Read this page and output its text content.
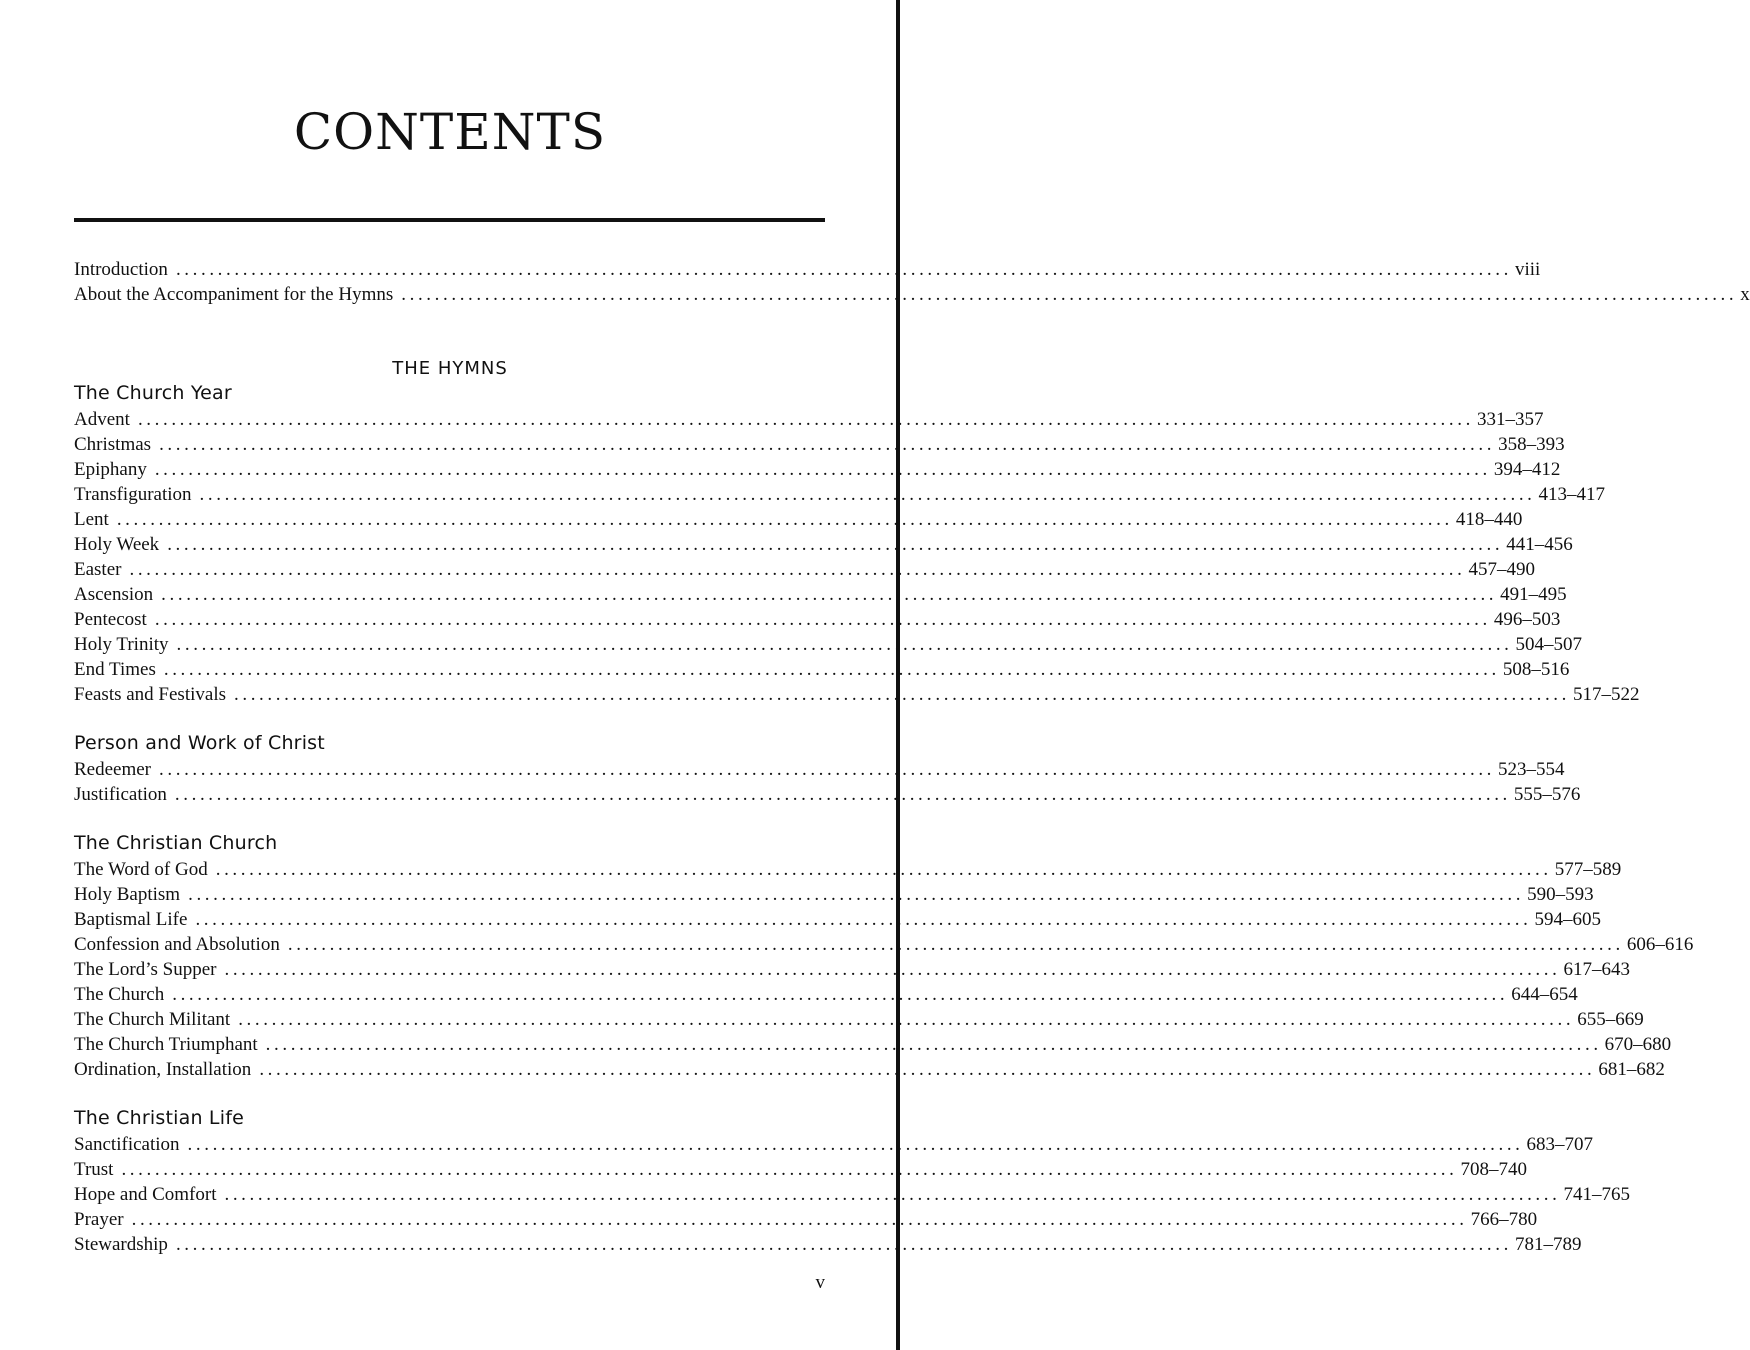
CONTENTS
Introduction ................................................................................................................................................................ viii
About the Accompaniment for the Hymns ................................................................................................................................................................ x
THE HYMNS
The Church Year
Advent ................................................................................................................................................................ 331–357
Christmas ................................................................................................................................................................ 358–393
Epiphany ................................................................................................................................................................ 394–412
Transfiguration ................................................................................................................................................................ 413–417
Lent ................................................................................................................................................................ 418–440
Holy Week ................................................................................................................................................................ 441–456
Easter ................................................................................................................................................................ 457–490
Ascension ................................................................................................................................................................ 491–495
Pentecost ................................................................................................................................................................ 496–503
Holy Trinity ................................................................................................................................................................ 504–507
End Times ................................................................................................................................................................ 508–516
Feasts and Festivals ................................................................................................................................................................ 517–522
Person and Work of Christ
Redeemer ................................................................................................................................................................ 523–554
Justification ................................................................................................................................................................ 555–576
The Christian Church
The Word of God ................................................................................................................................................................ 577–589
Holy Baptism ................................................................................................................................................................ 590–593
Baptismal Life ................................................................................................................................................................ 594–605
Confession and Absolution ................................................................................................................................................................ 606–616
The Lord’s Supper ................................................................................................................................................................ 617–643
The Church ................................................................................................................................................................ 644–654
The Church Militant ................................................................................................................................................................ 655–669
The Church Triumphant ................................................................................................................................................................ 670–680
Ordination, Installation ................................................................................................................................................................ 681–682
The Christian Life
Sanctification ................................................................................................................................................................ 683–707
Trust ................................................................................................................................................................ 708–740
Hope and Comfort ................................................................................................................................................................ 741–765
Prayer ................................................................................................................................................................ 766–780
Stewardship ................................................................................................................................................................ 781–789
v
